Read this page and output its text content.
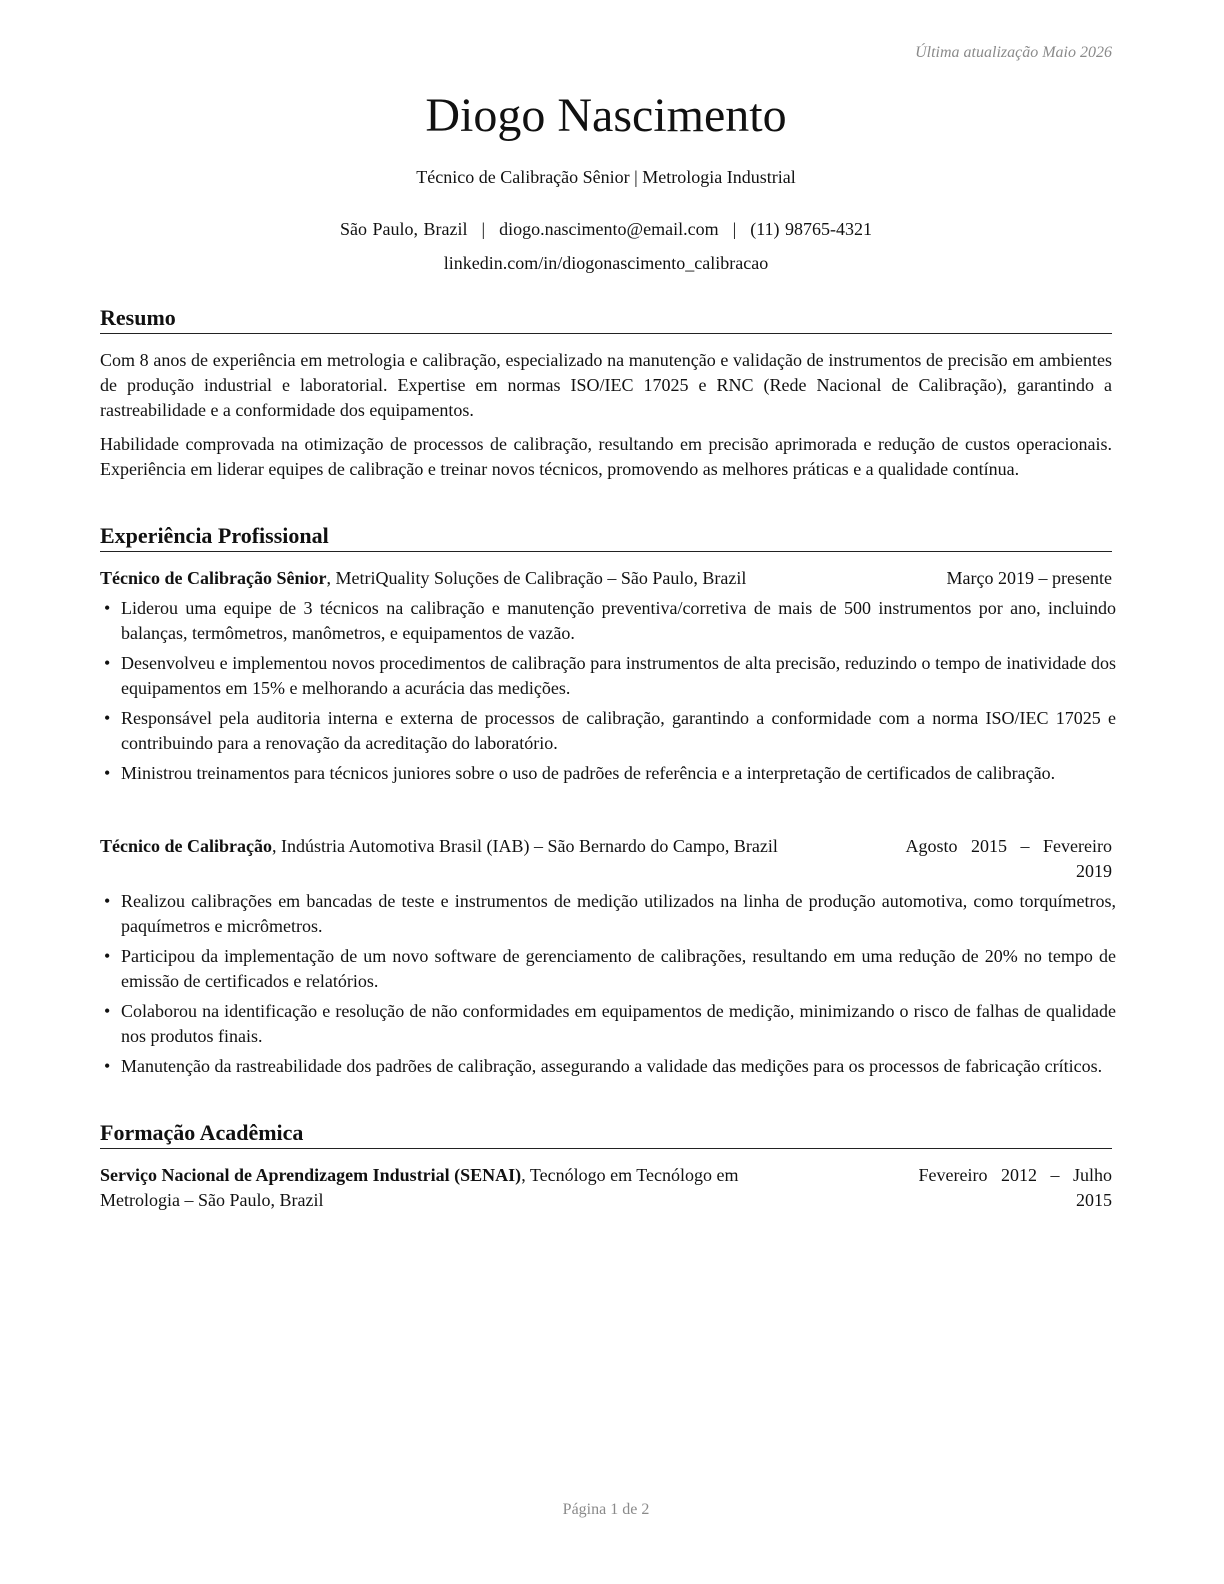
Última atualização Maio 2026
Diogo Nascimento
Técnico de Calibração Sênior | Metrologia Industrial
São Paulo, Brazil | diogo.nascimento@email.com | (11) 98765-4321
linkedin.com/in/diogonascimento_calibracao
Resumo

Com 8 anos de experiência em metrologia e calibração, especializado na manutenção e validação de instrumentos de precisão em ambientes de produção industrial e laboratorial. Expertise em normas ISO/IEC 17025 e RNC (Rede Nacional de Calibração), garantindo a rastreabilidade e a conformidade dos equipamentos.

Habilidade comprovada na otimização de processos de calibração, resultando em precisão aprimorada e redução de custos operacionais. Experiência em liderar equipes de calibração e treinar novos técnicos, promovendo as melhores práticas e a qualidade contínua.

Experiência Profissional
Técnico de Calibração Sênior, MetriQuality Soluções de Calibração – São Paulo, Brazil	Março 2019 – presente
• Liderou uma equipe de 3 técnicos na calibração e manutenção preventiva/corretiva de mais de 500 instrumentos por ano, incluindo balanças, termômetros, manômetros, e equipamentos de vazão.
• Desenvolveu e implementou novos procedimentos de calibração para instrumentos de alta precisão, reduzindo o tempo de inatividade dos equipamentos em 15% e melhorando a acurácia das medições.
• Responsável pela auditoria interna e externa de processos de calibração, garantindo a conformidade com a norma ISO/IEC 17025 e contribuindo para a renovação da acreditação do laboratório.
• Ministrou treinamentos para técnicos juniores sobre o uso de padrões de referência e a interpretação de certificados de calibração.
Técnico de Calibração, Indústria Automotiva Brasil (IAB) – São Bernardo do Campo, Brazil	Agosto   2015   –   Fevereiro
2019
• Realizou calibrações em bancadas de teste e instrumentos de medição utilizados na linha de produção automotiva, como torquímetros, paquímetros e micrômetros.
• Participou da implementação de um novo software de gerenciamento de calibrações, resultando em uma redução de 20% no tempo de emissão de certificados e relatórios.
• Colaborou na identificação e resolução de não conformidades em equipamentos de medição, minimizando o risco de falhas de qualidade nos produtos finais.
• Manutenção da rastreabilidade dos padrões de calibração, assegurando a validade das medições para os processos de fabricação críticos.
Formação Acadêmica
Serviço Nacional de Aprendizagem Industrial (SENAI), Tecnólogo em Tecnólogo em
Metrologia – São Paulo, Brazil
Fevereiro   2012   –   Julho
2015
Página 1 de 2
